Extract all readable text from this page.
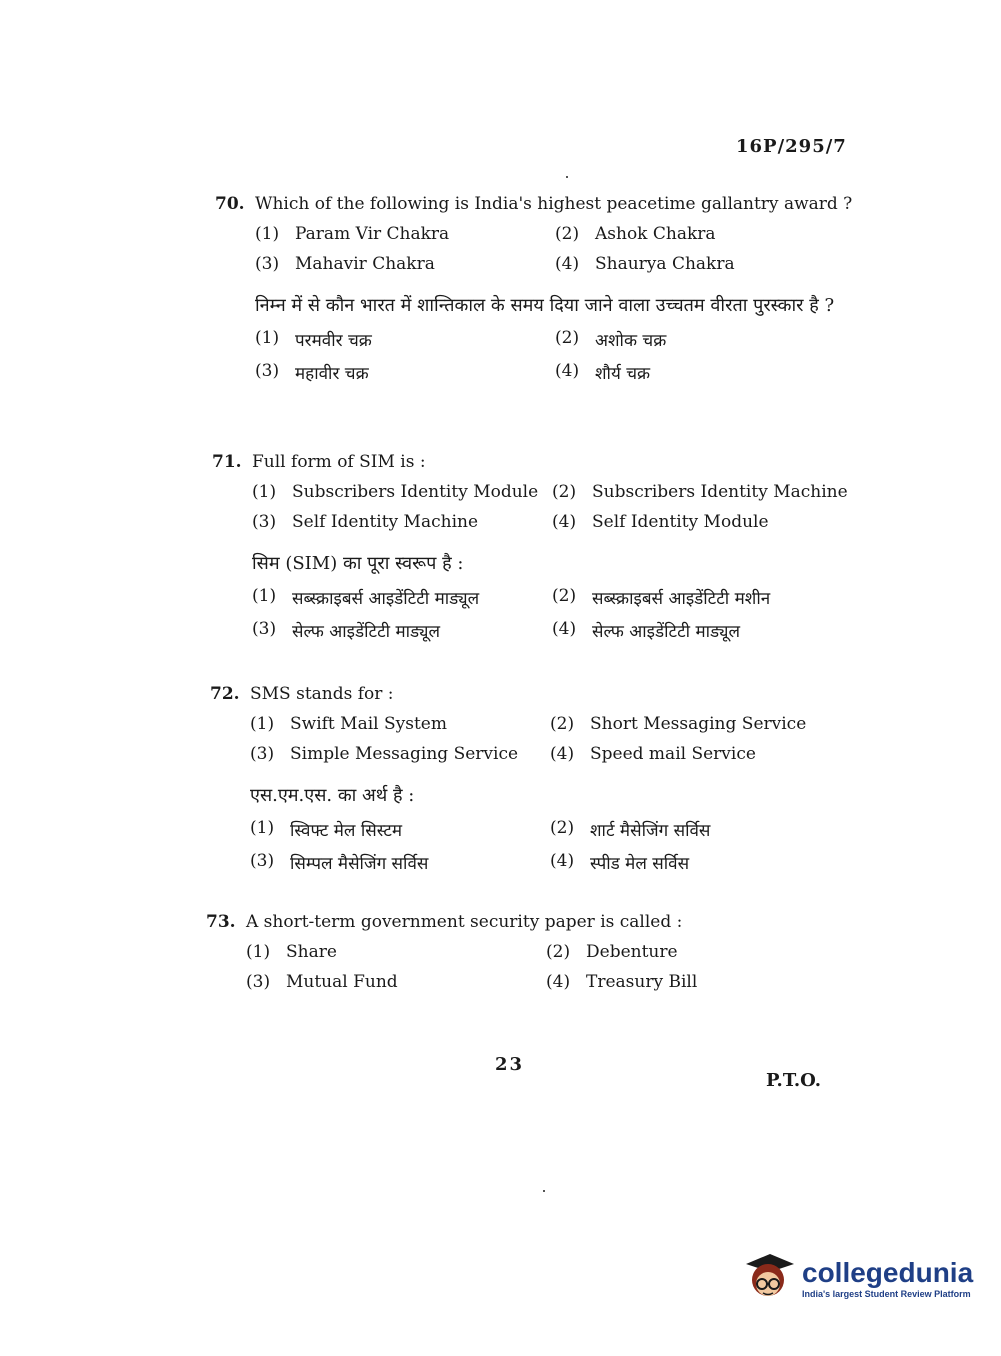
16P/295/7
70. Which of the following is India's highest peacetime gallantry award ?
(1) Param Vir Chakra	(2) Ashok Chakra
(3) Mahavir Chakra	(4) Shaurya Chakra
निम्न में से कौन भारत में शान्तिकाल के समय दिया जाने वाला उच्चतम वीरता पुरस्कार है ?
(1) परमवीर चक्र	(2) अशोक चक्र
(3) महावीर चक्र	(4) शौर्य चक्र
71. Full form of SIM is :
(1) Subscribers Identity Module (2) Subscribers Identity Machine
(3) Self Identity Machine	(4) Self Identity Module
सिम (SIM) का पूरा स्वरूप है :
(1) सब्स्क्राइबर्स आइडेंटिटी माड्यूल	(2) सब्स्क्राइबर्स आइडेंटिटी मशीन
(3) सेल्फ आइडेंटिटी माड्यूल	(4) सेल्फ आइडेंटिटी माड्यूल
72. SMS stands for :
(1) Swift Mail System	(2) Short Messaging Service
(3) Simple Messaging Service (4) Speed mail Service
एस.एम.एस. का अर्थ है :
(1) स्विफ्ट मेल सिस्टम	(2) शार्ट मैसेजिंग सर्विस
(3) सिम्पल मैसेजिंग सर्विस	(4) स्पीड मेल सर्विस
73. A short-term government security paper is called :
(1) Share	(2) Debenture
(3) Mutual Fund	(4) Treasury Bill
23
P.T.O.
collegedunia
India's largest Student Review Platform
